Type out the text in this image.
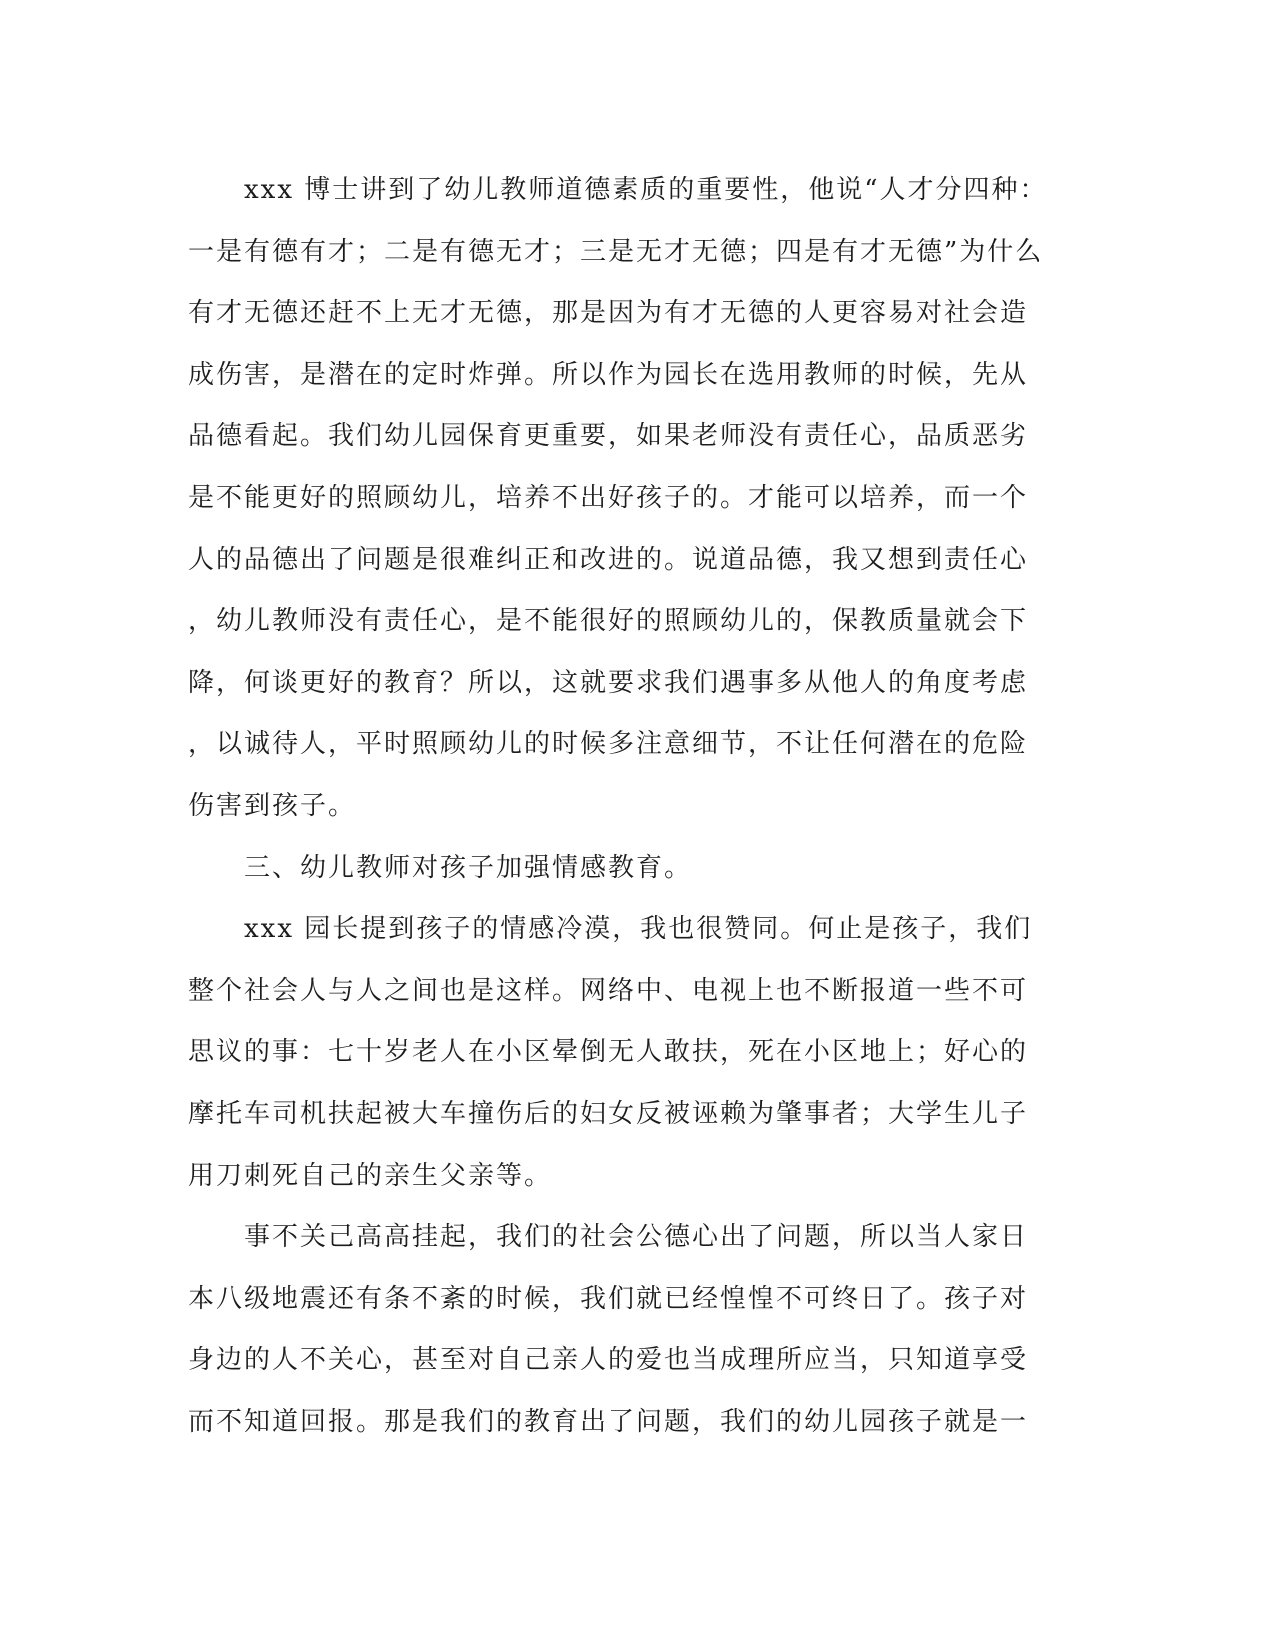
　　xxx 博士讲到了幼儿教师道德素质的重要性，他说“人才分四种：

一是有德有才；二是有德无才；三是无才无德；四是有才无德”为什么

有才无德还赶不上无才无德，那是因为有才无德的人更容易对社会造

成伤害，是潜在的定时炸弹。所以作为园长在选用教师的时候，先从

品德看起。我们幼儿园保育更重要，如果老师没有责任心，品质恶劣

是不能更好的照顾幼儿，培养不出好孩子的。才能可以培养，而一个

人的品德出了问题是很难纠正和改进的。说道品德，我又想到责任心

，幼儿教师没有责任心，是不能很好的照顾幼儿的，保教质量就会下

降，何谈更好的教育？所以，这就要求我们遇事多从他人的角度考虑

，以诚待人，平时照顾幼儿的时候多注意细节，不让任何潜在的危险

伤害到孩子。

　　三、幼儿教师对孩子加强情感教育。

　　xxx 园长提到孩子的情感冷漠，我也很赞同。何止是孩子，我们

整个社会人与人之间也是这样。网络中、电视上也不断报道一些不可

思议的事：七十岁老人在小区晕倒无人敢扶，死在小区地上；好心的

摩托车司机扶起被大车撞伤后的妇女反被诬赖为肇事者；大学生儿子

用刀刺死自己的亲生父亲等。

　　事不关己高高挂起，我们的社会公德心出了问题，所以当人家日

本八级地震还有条不紊的时候，我们就已经惶惶不可终日了。孩子对

身边的人不关心，甚至对自己亲人的爱也当成理所应当，只知道享受

而不知道回报。那是我们的教育出了问题，我们的幼儿园孩子就是一
